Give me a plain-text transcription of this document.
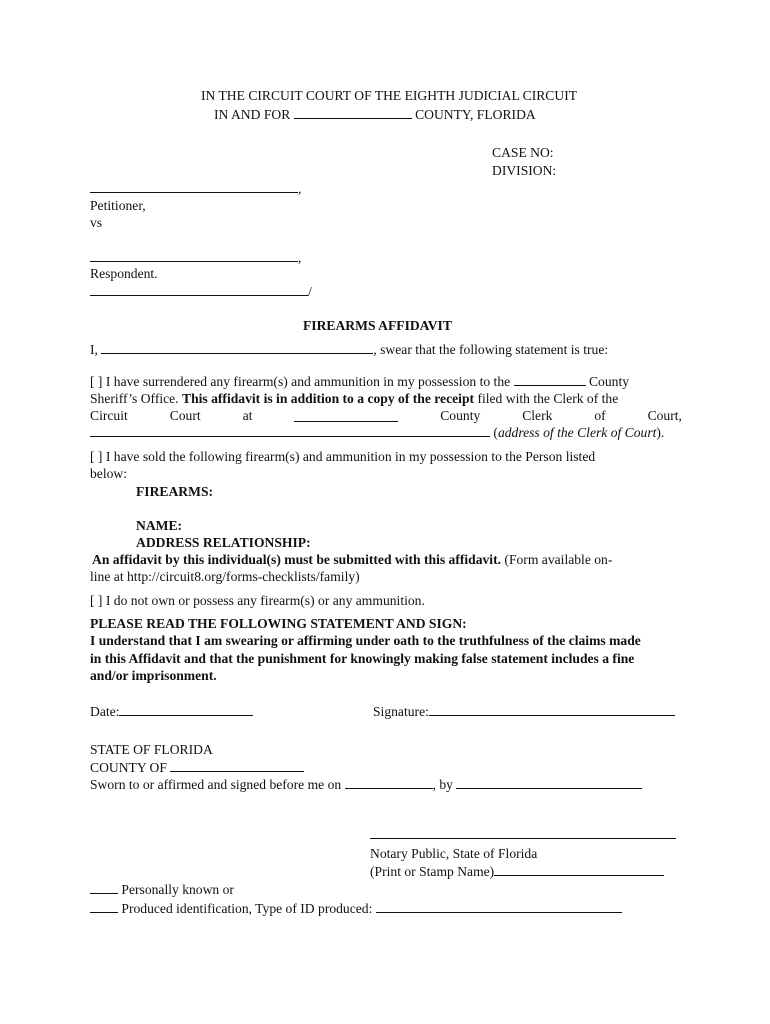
IN THE CIRCUIT COURT OF THE EIGHTH JUDICIAL CIRCUIT
IN AND FOR	COUNTY, FLORIDA
CASE NO:
DIVISION:
,
Petitioner,
vs
,
Respondent.
/
FIREARMS AFFIDAVIT
I,	, swear that the following statement is true:
[ ] I have surrendered any firearm(s) and ammunition in my possession to the	County
Sheriff’s Office. This affidavit is in addition to a copy of the receipt filed with the Clerk of the
Circuit	Court	at	County	Clerk	of	Court,
(address of the Clerk of Court).
[ ] I have sold the following firearm(s) and ammunition in my possession to the Person listed
below:
FIREARMS:
NAME:
ADDRESS RELATIONSHIP:
An affidavit by this individual(s) must be submitted with this affidavit. (Form available on-
line at http://circuit8.org/forms-checklists/family)
[ ] I do not own or possess any firearm(s) or any ammunition.
PLEASE READ THE FOLLOWING STATEMENT AND SIGN:
I understand that I am swearing or affirming under oath to the truthfulness of the claims made
in this Affidavit and that the punishment for knowingly making false statement includes a fine
and/or imprisonment.
Date:	Signature:
STATE OF FLORIDA
COUNTY OF
Sworn to or affirmed and signed before me on	, by
Notary Public, State of Florida
(Print or Stamp Name)
Personally known or
Produced identification, Type of ID produced:
